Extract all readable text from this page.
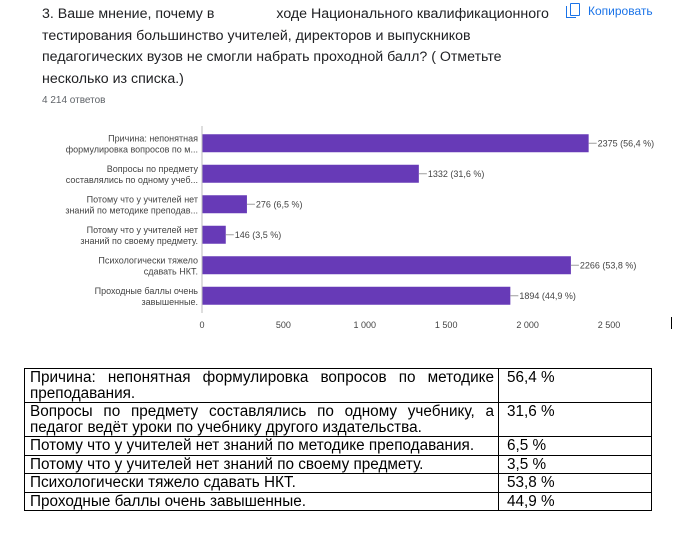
3. Ваше мнение, почему в	ходе Национального квалификационного тестирования большинство учителей, директоров и выпускников педагогических вузов не смогли набрать проходной балл? ( Отметьте несколько из списка.)

Копировать
4 214 ответов
2375 (56,4 %)
Причина: непонятная
формулировка вопросов по м...
1332 (31,6 %)
Вопросы по предмету
составлялись по одному учеб...
276 (6,5 %)
Потому что у учителей нет
знаний по методике преподав...
146 (3,5 %)
Потому что у учителей нет
знаний по своему предмету.
2266 (53,8 %)
Психологически тяжело
сдавать НКТ.
1894 (44,9 %)
Проходные баллы очень
завышенные.
0	500	1 000	1 500	2 000	2 500
Причина: непонятная формулировка вопросов по методике преподавания.	56,4 %
Вопросы по предмету составлялись по одному учебнику, а педагог ведёт уроки по учебнику другого издательства.	31,6 %
Потому что у учителей нет знаний по методике преподавания.	6,5 %
Потому что у учителей нет знаний по своему предмету.	3,5 %
Психологически тяжело сдавать НКТ.	53,8 %
Проходные баллы очень завышенные.	44,9 %
